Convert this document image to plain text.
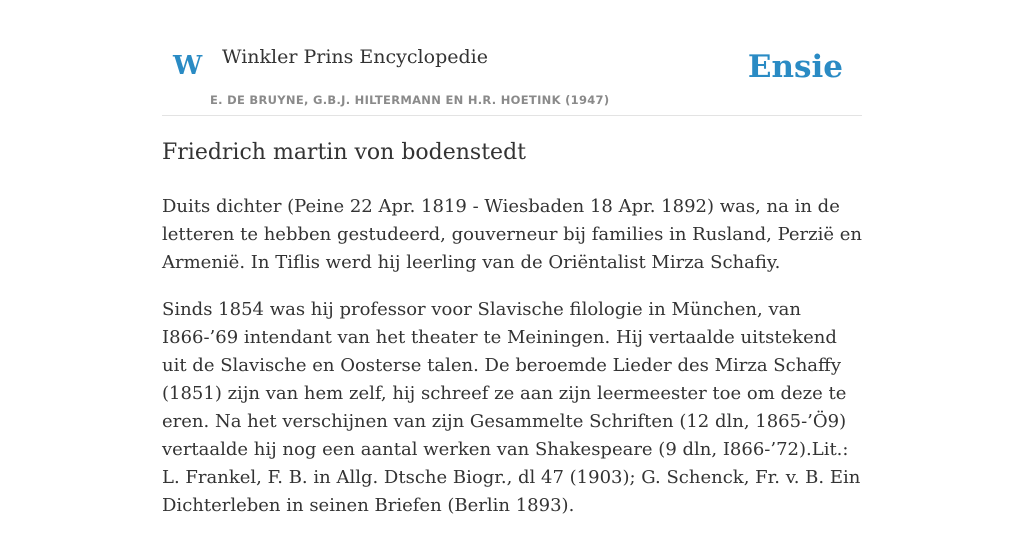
W Winkler Prins Encyclopedie
E. DE BRUYNE, G.B.J. HILTERMANN EN H.R. HOETINK (1947)
Ensie
Friedrich martin von bodenstedt

Duits dichter (Peine 22 Apr. 1819 - Wiesbaden 18 Apr. 1892) was, na in de letteren te hebben gestudeerd, gouverneur bij families in Rusland, Perzië en Armenië. In Tiflis werd hij leerling van de Oriëntalist Mirza Schafiy.

Sinds 1854 was hij professor voor Slavische filologie in München, van I866-’69 intendant van het theater te Meiningen. Hij vertaalde uitstekend uit de Slavische en Oosterse talen. De beroemde Lieder des Mirza Schaffy (1851) zijn van hem zelf, hij schreef ze aan zijn leermeester toe om deze te eren. Na het verschijnen van zijn Gesammelte Schriften (12 dln, 1865-’Ö9) vertaalde hij nog een aantal werken van Shakespeare (9 dln, I866-’72).Lit.: L. Frankel, F. B. in Allg. Dtsche Biogr., dl 47 (1903); G. Schenck, Fr. v. B. Ein Dichterleben in seinen Briefen (Berlin 1893).
